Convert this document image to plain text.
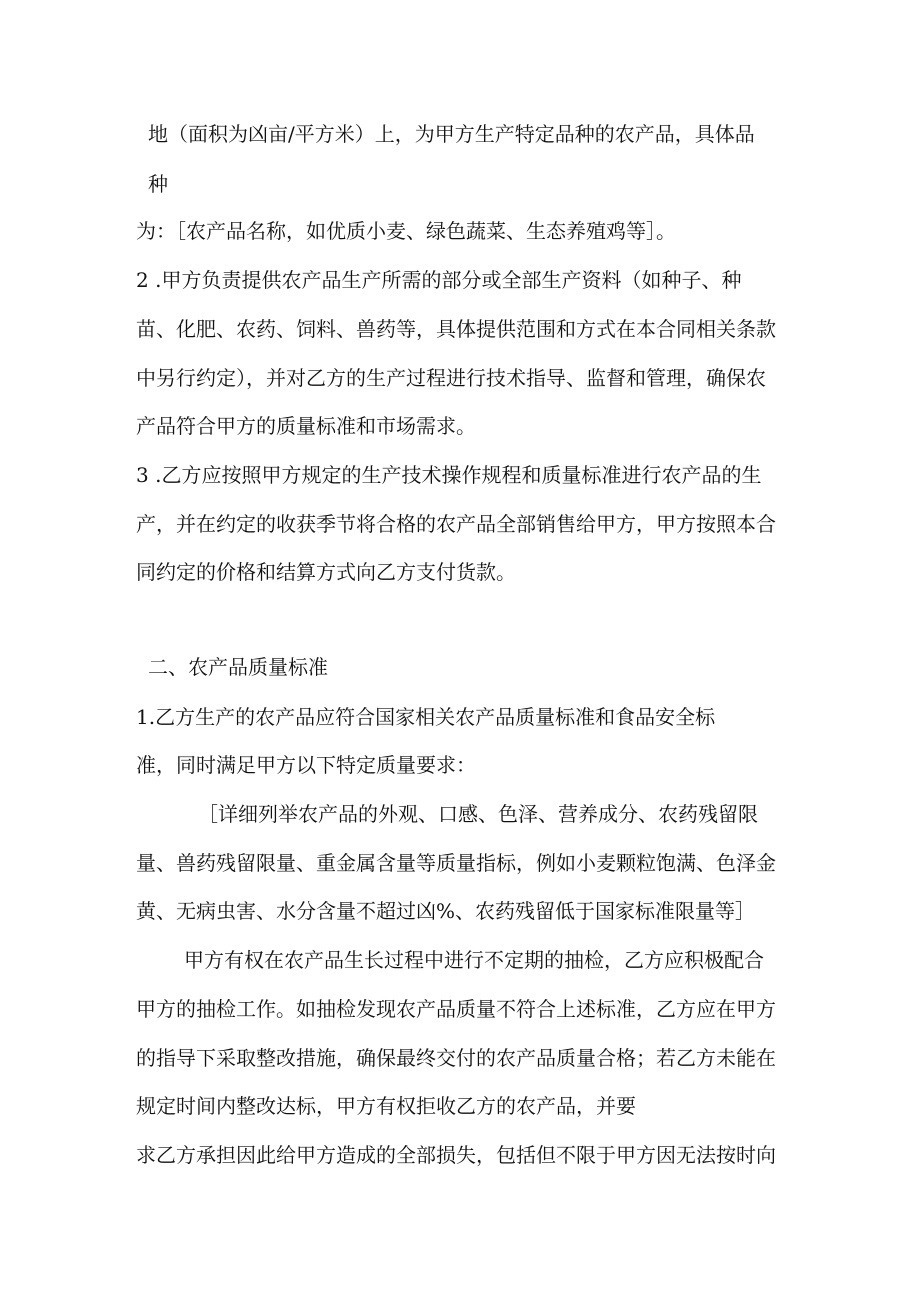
地（面积为凶亩/平方米）上，为甲方生产特定品种的农产品，具体品
种
为：［农产品名称，如优质小麦、绿色蔬菜、生态养殖鸡等］。
2 .甲方负责提供农产品生产所需的部分或全部生产资料（如种子、种
苗、化肥、农药、饲料、兽药等，具体提供范围和方式在本合同相关条款
中另行约定），并对乙方的生产过程进行技术指导、监督和管理，确保农
产品符合甲方的质量标准和市场需求。
3 .乙方应按照甲方规定的生产技术操作规程和质量标准进行农产品的生
产，并在约定的收获季节将合格的农产品全部销售给甲方，甲方按照本合
同约定的价格和结算方式向乙方支付货款。
二、农产品质量标准
1.乙方生产的农产品应符合国家相关农产品质量标准和食品安全标
准，同时满足甲方以下特定质量要求：
［详细列举农产品的外观、口感、色泽、营养成分、农药残留限
量、兽药残留限量、重金属含量等质量指标，例如小麦颗粒饱满、色泽金
黄、无病虫害、水分含量不超过凶%、农药残留低于国家标准限量等］
甲方有权在农产品生长过程中进行不定期的抽检，乙方应积极配合
甲方的抽检工作。如抽检发现农产品质量不符合上述标准，乙方应在甲方
的指导下采取整改措施，确保最终交付的农产品质量合格；若乙方未能在
规定时间内整改达标，甲方有权拒收乙方的农产品，并要
求乙方承担因此给甲方造成的全部损失，包括但不限于甲方因无法按时向
